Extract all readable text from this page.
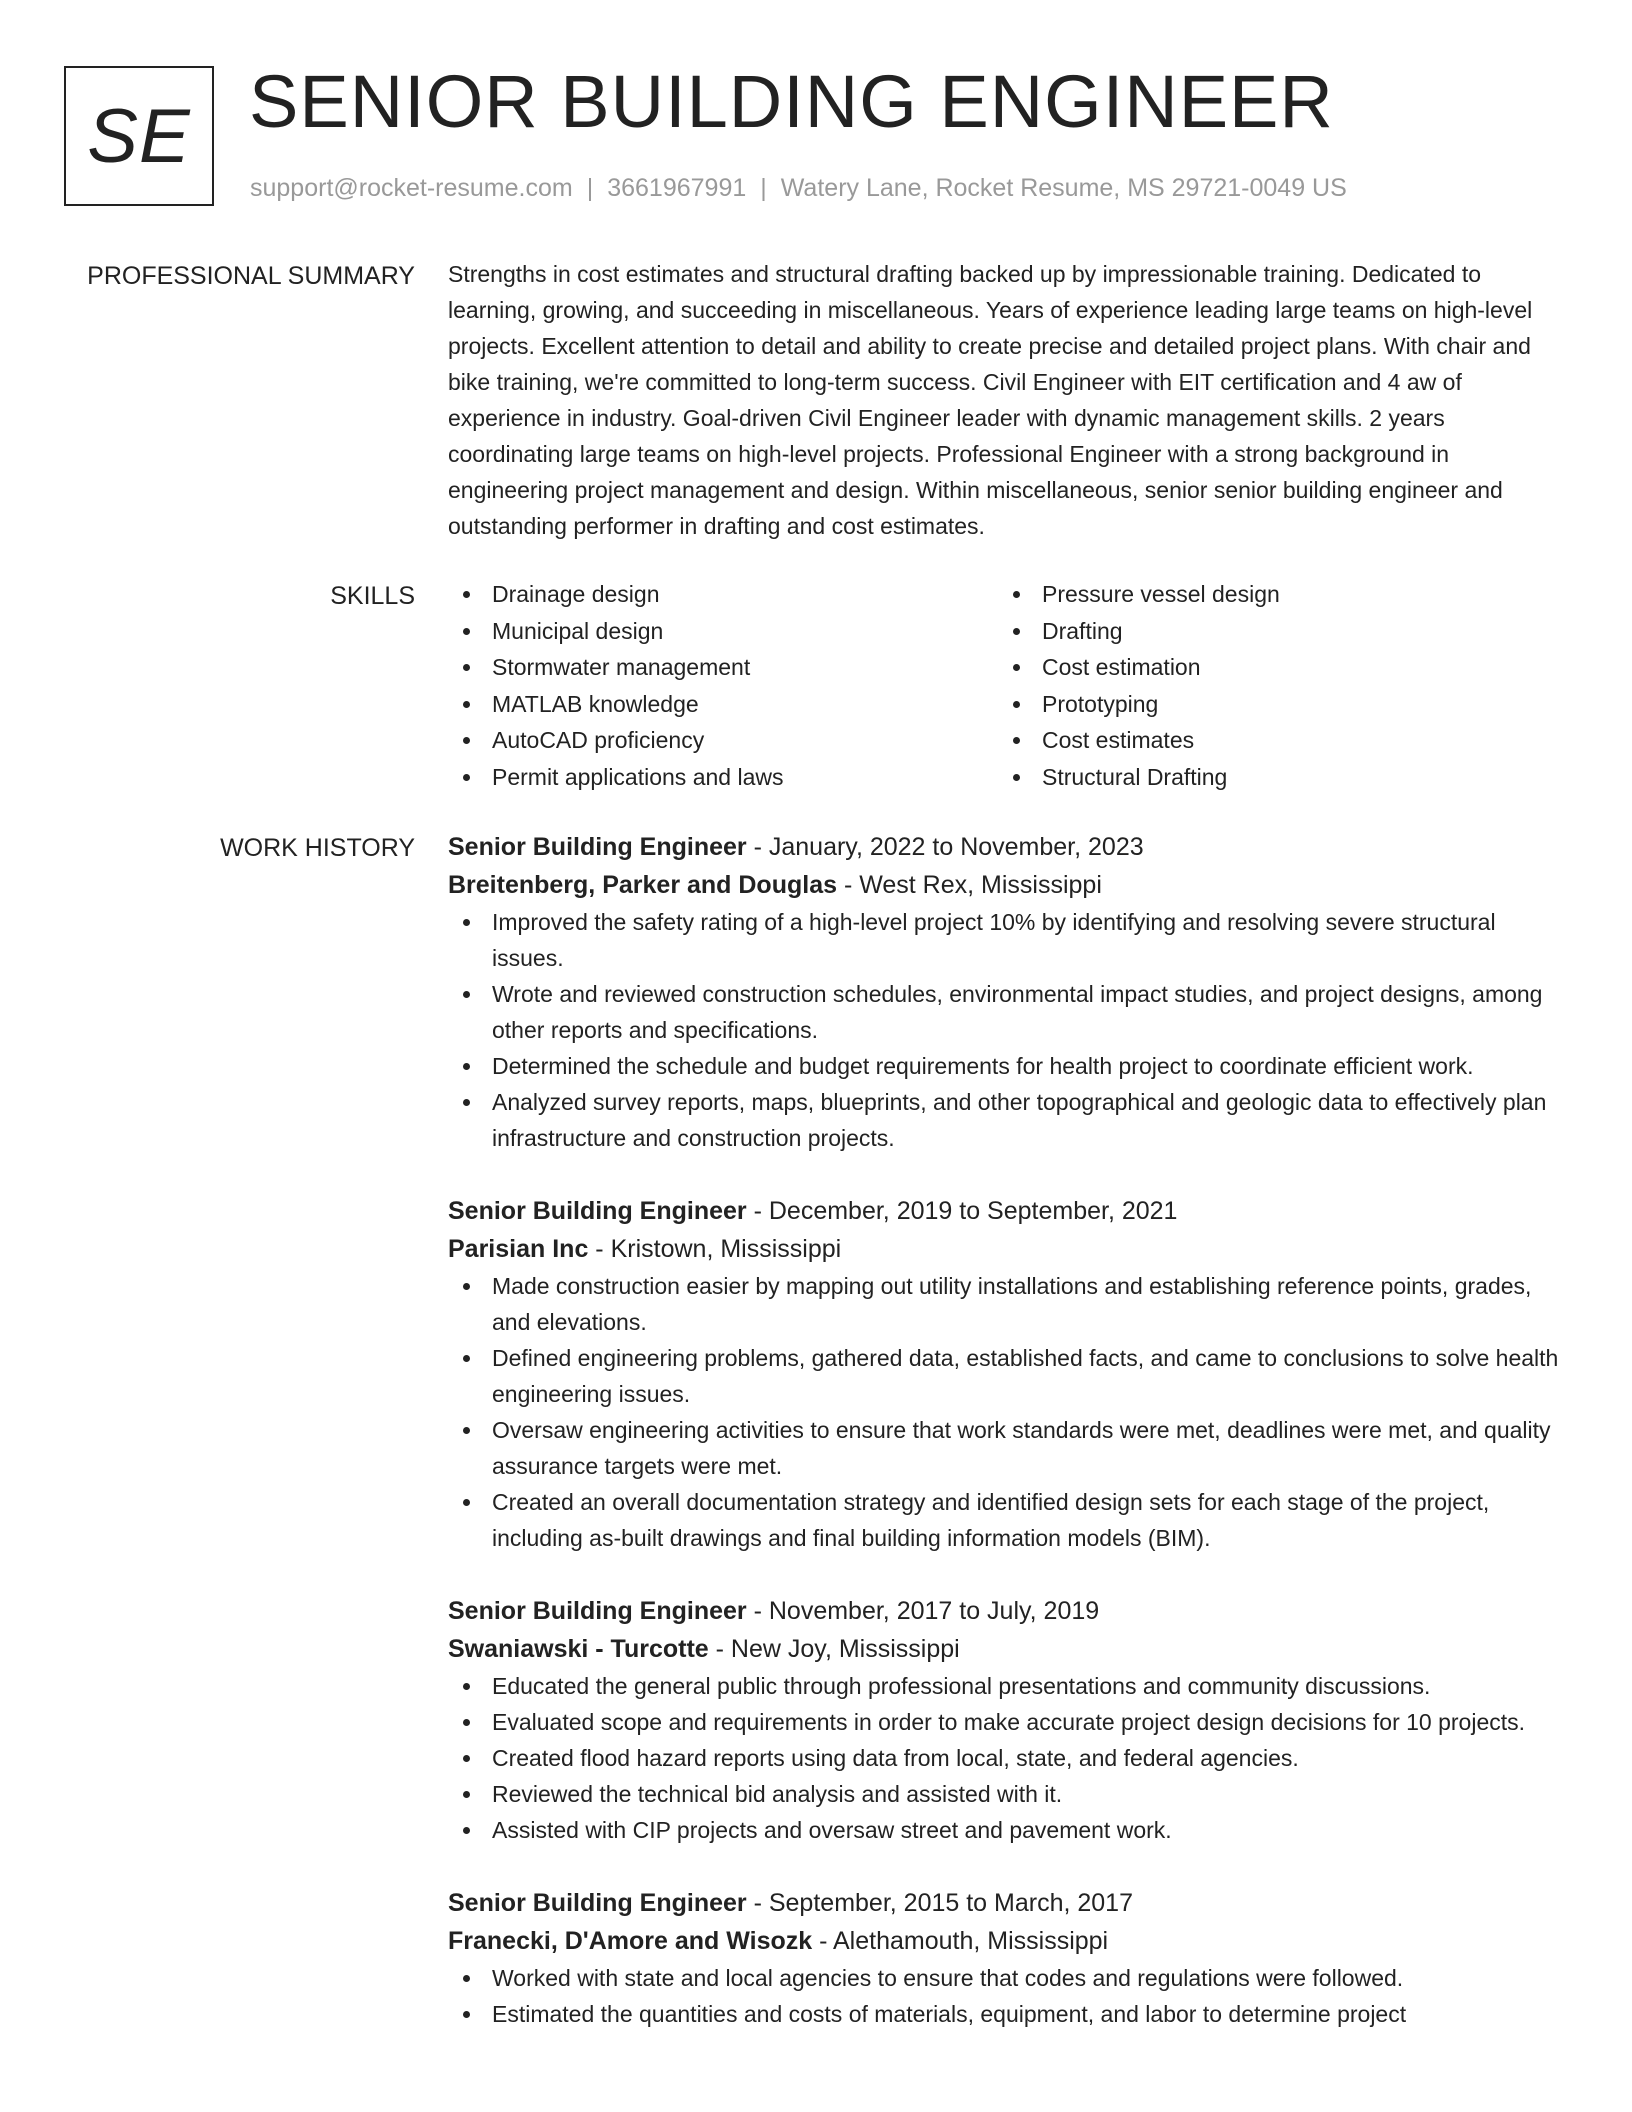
SE SENIOR BUILDING ENGINEER
support@rocket-resume.com | 3661967991 | Watery Lane, Rocket Resume, MS 29721-0049 US
PROFESSIONAL SUMMARY Strengths in cost estimates and structural drafting backed up by impressionable training. Dedicated to learning, growing, and succeeding in miscellaneous. Years of experience leading large teams on high-level projects. Excellent attention to detail and ability to create precise and detailed project plans. With chair and bike training, we're committed to long-term success. Civil Engineer with EIT certification and 4 aw of experience in industry. Goal-driven Civil Engineer leader with dynamic management skills. 2 years coordinating large teams on high-level projects. Professional Engineer with a strong background in engineering project management and design. Within miscellaneous, senior senior building engineer and outstanding performer in drafting and cost estimates.

SKILLS	Drainage design
Municipal design
Stormwater management
MATLAB knowledge
AutoCAD proficiency
Permit applications and laws
Pressure vessel design
Drafting
Cost estimation
Prototyping
Cost estimates
Structural Drafting
WORK HISTORY Senior Building Engineer - January, 2022 to November, 2023

Breitenberg, Parker and Douglas - West Rex, Mississippi

Improved the safety rating of a high-level project 10% by identifying and resolving severe structural issues.
Wrote and reviewed construction schedules, environmental impact studies, and project designs, among other reports and specifications.
Determined the schedule and budget requirements for health project to coordinate efficient work.
Analyzed survey reports, maps, blueprints, and other topographical and geologic data to effectively plan infrastructure and construction projects.

Senior Building Engineer - December, 2019 to September, 2021

Parisian Inc - Kristown, Mississippi

Made construction easier by mapping out utility installations and establishing reference points, grades, and elevations.
Defined engineering problems, gathered data, established facts, and came to conclusions to solve health engineering issues.
Oversaw engineering activities to ensure that work standards were met, deadlines were met, and quality assurance targets were met.
Created an overall documentation strategy and identified design sets for each stage of the project, including as-built drawings and final building information models (BIM).

Senior Building Engineer - November, 2017 to July, 2019

Swaniawski - Turcotte - New Joy, Mississippi

Educated the general public through professional presentations and community discussions.
Evaluated scope and requirements in order to make accurate project design decisions for 10 projects.
Created flood hazard reports using data from local, state, and federal agencies.
Reviewed the technical bid analysis and assisted with it.
Assisted with CIP projects and oversaw street and pavement work.

Senior Building Engineer - September, 2015 to March, 2017

Franecki, D'Amore and Wisozk - Alethamouth, Mississippi

Worked with state and local agencies to ensure that codes and regulations were followed.
Estimated the quantities and costs of materials, equipment, and labor to determine project
